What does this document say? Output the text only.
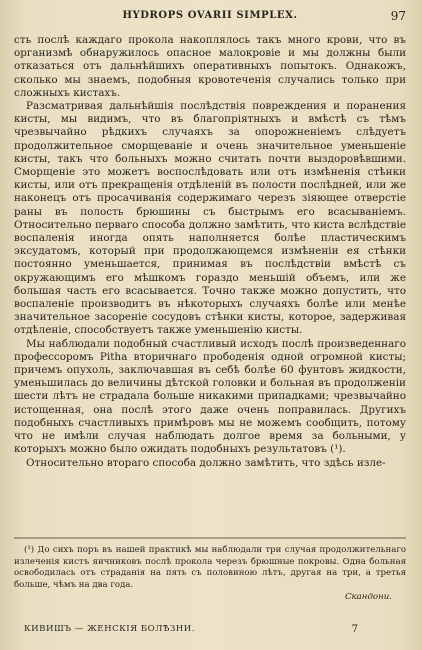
HYDROPS OVARII SIMPLEX.	97

сть послѣ каждаго прокола накоплялось такъ много крови, что въ организмѣ обнаружилось опасное малокровіе и мы должны были отказаться отъ дальнѣйшихъ оперативныхъ попытокъ. Однакожъ, сколько мы знаемъ, подобныя кровотеченія случались только при сложныхъ кистахъ.

Разсматривая дальнѣйшія послѣдствія повреждения и поранения кисты, мы видимъ, что въ благопріятныхъ и вмѣстѣ съ тѣмъ чрезвычайно рѣдкихъ случаяхъ за опорожненіемъ слѣдуетъ продолжительное сморщеваніе и очень значительное уменьшеніе кисты, такъ что больныхъ можно считать почти выздоровѣвшими. Сморщеніе это можетъ воспослѣдовать или отъ измѣненія стѣнки кисты, или отъ прекращенія отдѣленій въ полости послѣдней, или же наконецъ отъ просачиванія содержимаго черезъ зіяющее отверстіе раны въ полость брюшины съ быстрымъ его всасываніемъ. Относительно перваго способа должно замѣтить, что киста вслѣдствіе воспаленія иногда опять наполняется болѣе пластическимъ эксудатомъ, который при продолжающемся измѣненіи ея стѣнки постоянно уменьшается, принимая въ послѣдствіи вмѣстѣ съ окружающимъ его мѣшкомъ гораздо меньшій объемъ, или же большая часть его всасывается. Точно также можно допустить, что воспаленіе производитъ въ нѣкоторыхъ случаяхъ болѣе или менѣе значительное засореніе сосудовъ стѣнки кисты, которое, задерживая отдѣленіе, способствуетъ также уменьшенію кисты.

Мы наблюдали подобный счастливый исходъ послѣ произведеннаго профессоромъ Pitha вторичнаго прободенія одной огромной кисты; причемъ опухоль, заключавшая въ себѣ болѣе 60 фунтовъ жидкости, уменьшилась до величины дѣтской головки и больная въ продолженіи шести лѣтъ не страдала больше никакими припадками; чрезвычайно истощенная, она послѣ этого даже очень поправилась. Другихъ подобныхъ счастливыхъ примѣровъ мы не можемъ сообщить, потому что не имѣли случая наблюдать долгое время за больными, у которыхъ можно было ожидать подобныхъ результатовъ (¹).

Относительно втораго способа должно замѣтить, что здѣсь изле-

(¹) До сихъ поръ въ нашей практикѣ мы наблюдали три случая продолжительнаго излеченія кистъ яичниковъ послѣ прокола черезъ брюшные покровы. Одна больная освободилась отъ страданія на пять съ половиною лѣтъ, другая на три, а третья больше, чѣмъ на два года.

Скандони.
КИВИШЪ — ЖЕНСКІЯ БОЛѢЗНИ.	7
